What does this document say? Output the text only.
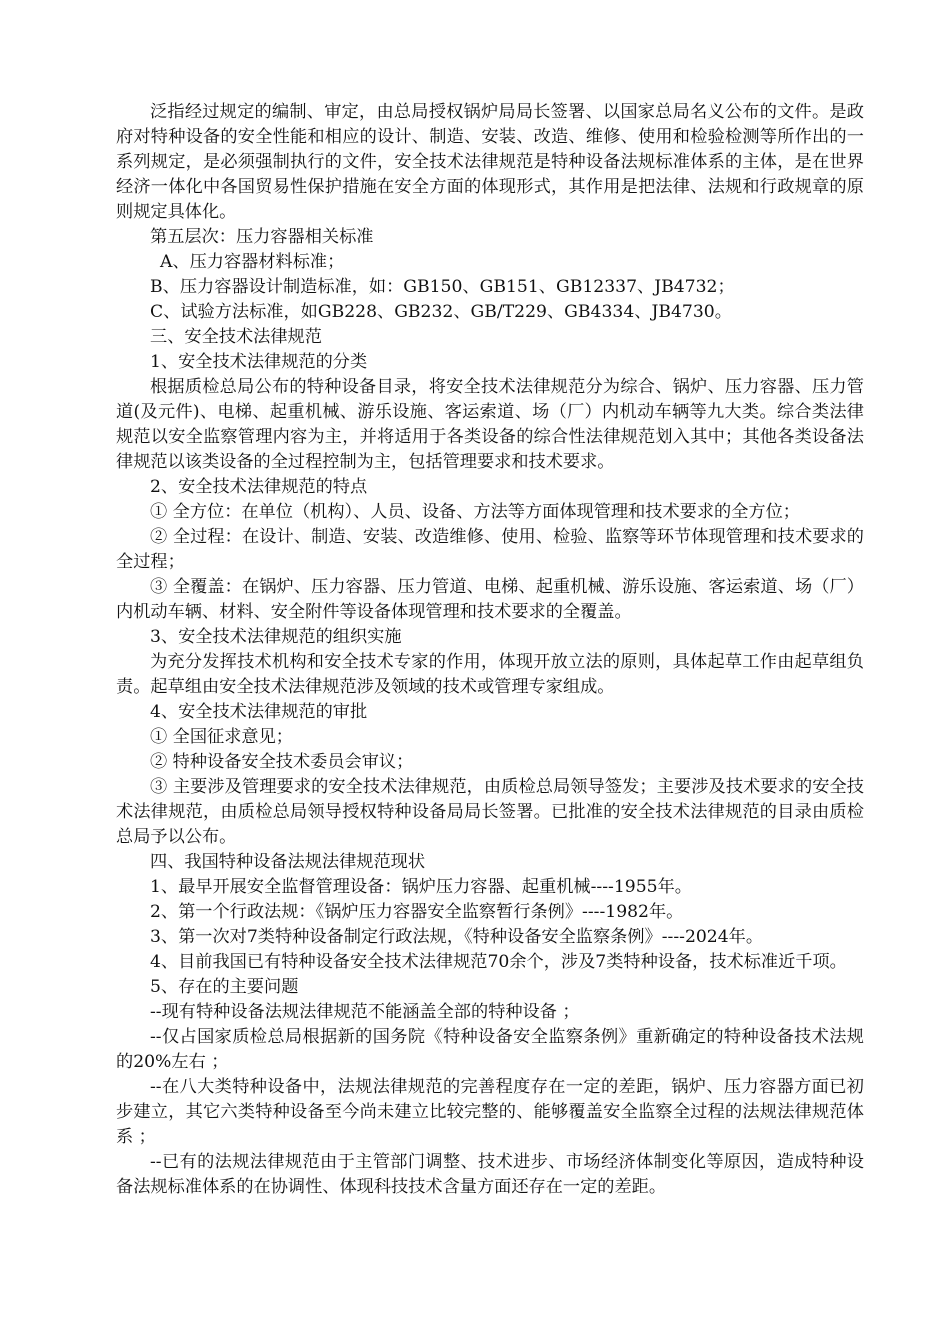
泛指经过规定的编制、审定，由总局授权锅炉局局长签署、以国家总局名义公布的文件。是政府对特种设备的安全性能和相应的设计、制造、安装、改造、维修、使用和检验检测等所作出的一系列规定，是必须强制执行的文件，安全技术法律规范是特种设备法规标准体系的主体，是在世界经济一体化中各国贸易性保护措施在安全方面的体现形式，其作用是把法律、法规和行政规章的原则规定具体化。

第五层次：压力容器相关标准

A、压力容器材料标准；

B、压力容器设计制造标准，如：GB150、GB151、GB12337、JB4732；

C、试验方法标准，如GB228、GB232、GB/T229、GB4334、JB4730。

三、安全技术法律规范

1、安全技术法律规范的分类

根据质检总局公布的特种设备目录，将安全技术法律规范分为综合、锅炉、压力容器、压力管道(及元件)、电梯、起重机械、游乐设施、客运索道、场（厂）内机动车辆等九大类。综合类法律规范以安全监察管理内容为主，并将适用于各类设备的综合性法律规范划入其中；其他各类设备法律规范以该类设备的全过程控制为主，包括管理要求和技术要求。

2、安全技术法律规范的特点

① 全方位：在单位（机构）、人员、设备、方法等方面体现管理和技术要求的全方位；

② 全过程：在设计、制造、安装、改造维修、使用、检验、监察等环节体现管理和技术要求的全过程；

③ 全覆盖：在锅炉、压力容器、压力管道、电梯、起重机械、游乐设施、客运索道、场（厂）内机动车辆、材料、安全附件等设备体现管理和技术要求的全覆盖。

3、安全技术法律规范的组织实施

为充分发挥技术机构和安全技术专家的作用，体现开放立法的原则，具体起草工作由起草组负责。起草组由安全技术法律规范涉及领域的技术或管理专家组成。

4、安全技术法律规范的审批

① 全国征求意见；

② 特种设备安全技术委员会审议；

③ 主要涉及管理要求的安全技术法律规范，由质检总局领导签发；主要涉及技术要求的安全技术法律规范，由质检总局领导授权特种设备局局长签署。已批准的安全技术法律规范的目录由质检总局予以公布。

四、我国特种设备法规法律规范现状

1、最早开展安全监督管理设备：锅炉压力容器、起重机械----1955年。

2、第一个行政法规：《锅炉压力容器安全监察暂行条例》----1982年。

3、第一次对7类特种设备制定行政法规，《特种设备安全监察条例》----2024年。

4、目前我国已有特种设备安全技术法律规范70余个，涉及7类特种设备，技术标准近千项。

5、存在的主要问题

--现有特种设备法规法律规范不能涵盖全部的特种设备 ；

--仅占国家质检总局根据新的国务院《特种设备安全监察条例》重新确定的特种设备技术法规的20%左右 ；

--在八大类特种设备中，法规法律规范的完善程度存在一定的差距，锅炉、压力容器方面已初步建立，其它六类特种设备至今尚未建立比较完整的、能够覆盖安全监察全过程的法规法律规范体系 ；

--已有的法规法律规范由于主管部门调整、技术进步、市场经济体制变化等原因，造成特种设备法规标准体系的在协调性、体现科技技术含量方面还存在一定的差距。
